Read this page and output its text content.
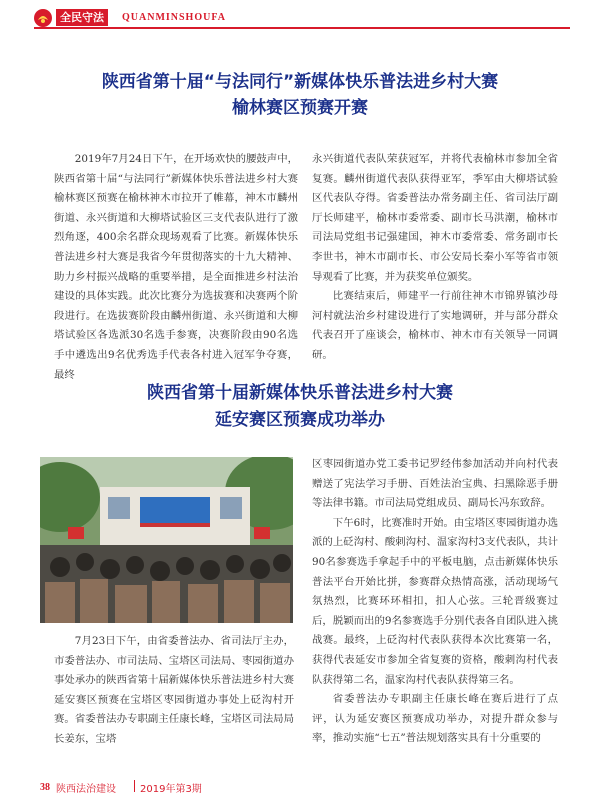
全民守法	QUANMINSHOUFA
陕西省第十届“与法同行”新媒体快乐普法进乡村大赛
榆林赛区预赛开赛

2019年7月24日下午，在开场欢快的腰鼓声中，陕西省第十届“与法同行”新媒体快乐普法进乡村大赛榆林赛区预赛在榆林神木市拉开了帷幕，神木市麟州街道、永兴街道和大柳塔试验区三支代表队进行了激烈角逐，400余名群众现场观看了比赛。新媒体快乐普法进乡村大赛是我省今年贯彻落实的十九大精神、助力乡村振兴战略的重要举措，是全面推进乡村法治建设的具体实践。此次比赛分为选拔赛和决赛两个阶段进行。在选拔赛阶段由麟州街道、永兴街道和大柳塔试验区各选派30名选手参赛，决赛阶段由90名选手中遴选出9名优秀选手代表各村进入冠军争夺赛，最终

永兴街道代表队荣获冠军，并将代表榆林市参加全省复赛。麟州街道代表队获得亚军，季军由大柳塔试验区代表队夺得。省委普法办常务副主任、省司法厅副厅长师建平，榆林市委常委、副市长马洪潮，榆林市司法局党组书记强建国，神木市委常委、常务副市长李世书，神木市副市长、市公安局长秦小军等省市领导观看了比赛，并为获奖单位颁奖。

比赛结束后，师建平一行前往神木市锦界镇沙母河村就法治乡村建设进行了实地调研，并与部分群众代表召开了座谈会，榆林市、神木市有关领导一同调研。

陕西省第十届新媒体快乐普法进乡村大赛
延安赛区预赛成功举办

7月23日下午，由省委普法办、省司法厅主办，市委普法办、市司法局、宝塔区司法局、枣园街道办事处承办的陕西省第十届新媒体快乐普法进乡村大赛延安赛区预赛在宝塔区枣园街道办事处上砭沟村开赛。省委普法办专职副主任康长峰，宝塔区司法局局长姜东，宝塔

区枣园街道办党工委书记罗经伟参加活动并向村代表赠送了宪法学习手册、百姓法治宝典、扫黑除恶手册等法律书籍。市司法局党组成员、副局长冯东致辞。

下午6时，比赛准时开始。由宝塔区枣园街道办选派的上砭沟村、酸刺沟村、温家沟村3支代表队，共计90名参赛选手拿起手中的平板电脑，点击新媒体快乐普法平台开始比拼，参赛群众热情高涨，活动现场气氛热烈，比赛环环相扣，扣人心弦。三轮晋级赛过后，脱颖而出的9名参赛选手分别代表各自团队进入挑战赛。最终，上砭沟村代表队获得本次比赛第一名，获得代表延安市参加全省复赛的资格，酸刺沟村代表队获得第二名，温家沟村代表队获得第三名。

省委普法办专职副主任康长峰在赛后进行了点评，认为延安赛区预赛成功举办，对提升群众参与率，推动实施“七五”普法规划落实具有十分重要的

38 陕西法治建设 2019年第3期
